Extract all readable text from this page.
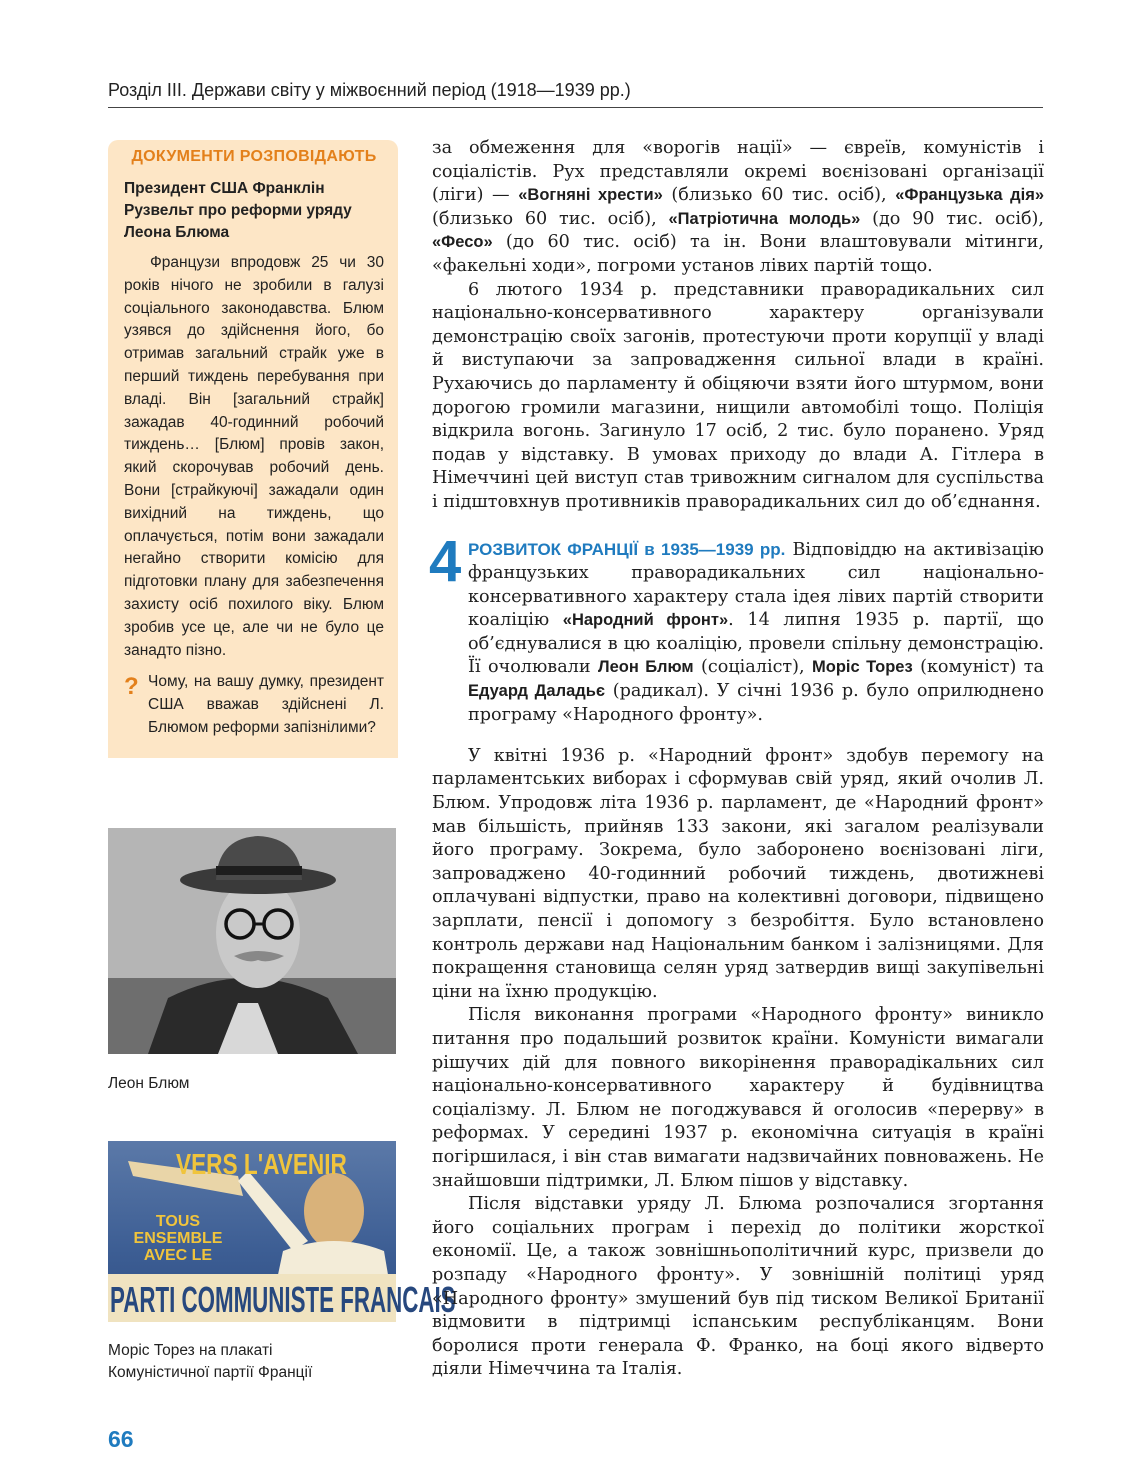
Розділ III. Держави світу у міжвоєнний період (1918—1939 рр.)
ДОКУМЕНТИ РОЗПОВІДАЮТЬ
Президент США Франклін Рузвельт про реформи уряду Леона Блюма
Французи впродовж 25 чи 30 років нічого не зробили в галузі соціального законодавства. Блюм узявся до здійснення його, бо отримав загальний страйк уже в перший тиждень перебування при владі. Він [загальний страйк] зажадав 40-годинний робочий тиждень… [Блюм] провів закон, який скорочував робочий день. Вони [страйкуючі] зажадали один вихідний на тиждень, що оплачується, потім вони зажадали негайно створити комісію для підготовки плану для забезпечення захисту осіб похилого віку. Блюм зробив усе це, але чи не було це занадто пізно.
? Чому, на вашу думку, президент США вважав здійснені Л. Блюмом реформи запізнілими?
Леон Блюм
VERS L'AVENIR
TOUS ENSEMBLE AVEC LE
PARTI COMMUNISTE FRANCAIS
Моріс Торез на плакаті
Комуністичної партії Франції

за обмеження для «ворогів нації» — євреїв, комуністів і соціалістів. Рух представляли окремі воєнізовані організації (ліги) — «Вогняні хрести» (близько 60 тис. осіб), «Французька дія» (близько 60 тис. осіб), «Патріотична молодь» (до 90 тис. осіб), «Фесо» (до 60 тис. осіб) та ін. Вони влаштовували мітинги, «факельні ходи», погроми установ лівих партій тощо.

6 лютого 1934 р. представники праворадикальних сил національно-консервативного характеру організували демонстрацію своїх загонів, протестуючи проти корупції у владі й виступаючи за запровадження сильної влади в країні. Рухаючись до парламенту й обіцяючи взяти його штурмом, вони дорогою громили магазини, нищили автомобілі тощо. Поліція відкрила вогонь. Загинуло 17 осіб, 2 тис. було поранено. Уряд подав у відставку. В умовах приходу до влади А. Гітлера в Німеччині цей виступ став тривожним сигналом для суспільства і підштовхнув противників праворадикальних сил до об’єднання.

4 РОЗВИТОК ФРАНЦІЇ в 1935—1939 рр. Відповіддю на активізацію французьких праворадикальних сил національно-консервативного характеру стала ідея лівих партій створити коаліцію «Народний фронт». 14 липня 1935 р. партії, що об’єднувалися в цю коаліцію, провели спільну демонстрацію. Її очолювали Леон Блюм (соціаліст), Моріс Торез (комуніст) та Едуард Даладьє (радикал). У січні 1936 р. було оприлюднено програму «Народного фронту».

У квітні 1936 р. «Народний фронт» здобув перемогу на парламентських виборах і сформував свій уряд, який очолив Л. Блюм. Упродовж літа 1936 р. парламент, де «Народний фронт» мав більшість, прийняв 133 закони, які загалом реалізували його програму. Зокрема, було заборонено воєнізовані ліги, запроваджено 40-годинний робочий тиждень, двотижневі оплачувані відпустки, право на колективні договори, підвищено зарплати, пенсії і допомогу з безробіття. Було встановлено контроль держави над Національним банком і залізницями. Для покращення становища селян уряд затвердив вищі закупівельні ціни на їхню продукцію.

Після виконання програми «Народного фронту» виникло питання про подальший розвиток країни. Комуністи вимагали рішучих дій для повного викорінення праворадікальних сил національно-консервативного характеру й будівництва соціалізму. Л. Блюм не погоджувався й оголосив «перерву» в реформах. У середині 1937 р. економічна ситуація в країні погіршилася, і він став вимагати надзвичайних повноважень. Не знайшовши підтримки, Л. Блюм пішов у відставку.

Після відставки уряду Л. Блюма розпочалися згортання його соціальних програм і перехід до політики жорсткої економії. Це, а також зовнішньополітичний курс, призвели до розпаду «Народного фронту». У зовнішній політиці уряд «Народного фронту» змушений був під тиском Великої Британії відмовити в підтримці іспанським республіканцям. Вони боролися проти генерала Ф. Франко, на боці якого відверто діяли Німеччина та Італія.

66
